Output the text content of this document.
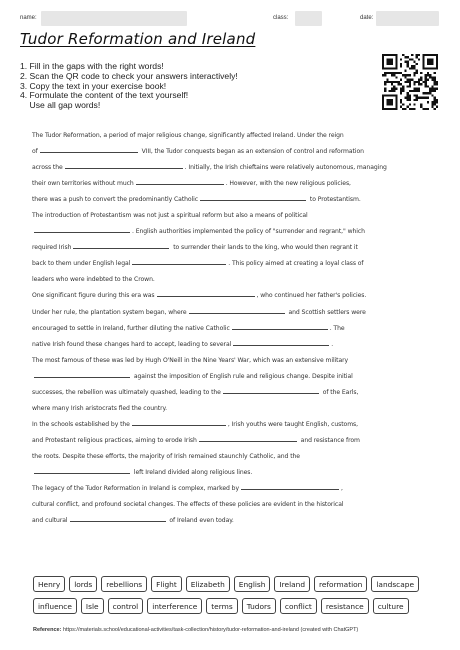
name:	class:	date:
Tudor Reformation and Ireland
1. Fill in the gaps with the right words!
2. Scan the QR code to check your answers interactively!
3. Copy the text in your exercise book!
4. Formulate the content of the text yourself!
Use all gap words!
The Tudor Reformation, a period of major religious change, significantly affected Ireland. Under the reign
of	VIII, the Tudor conquests began as an extension of control and reformation
across the	. Initially, the Irish chieftains were relatively autonomous, managing
their own territories without much	. However, with the new religious policies,
there was a push to convert the predominantly Catholic	to Protestantism.
The introduction of Protestantism was not just a spiritual reform but also a means of political
. English authorities implemented the policy of "surrender and regrant," which
required Irish	to surrender their lands to the king, who would then regrant it
back to them under English legal	. This policy aimed at creating a loyal class of
leaders who were indebted to the Crown.
One significant figure during this era was	, who continued her father's policies.
Under her rule, the plantation system began, where	and Scottish settlers were
encouraged to settle in Ireland, further diluting the native Catholic	. The
native Irish found these changes hard to accept, leading to several	.
The most famous of these was led by Hugh O'Neill in the Nine Years' War, which was an extensive military
against the imposition of English rule and religious change. Despite initial
successes, the rebellion was ultimately quashed, leading to the	of the Earls,
where many Irish aristocrats fled the country.
In the schools established by the	, Irish youths were taught English, customs,
and Protestant religious practices, aiming to erode Irish	and resistance from
the roots. Despite these efforts, the majority of Irish remained staunchly Catholic, and the
left Ireland divided along religious lines.
The legacy of the Tudor Reformation in Ireland is complex, marked by	,
cultural conflict, and profound societal changes. The effects of these policies are evident in the historical
and cultural	of Ireland even today.
Henry	lords	rebellions	Flight	Elizabeth	English	Ireland	reformation	landscape
influence	Isle	control	interference	terms	Tudors	conflict	resistance	culture
Reference: https://materials.school/educational-activities/task-collection/history/tudor-reformation-and-ireland (created with ChatGPT)
